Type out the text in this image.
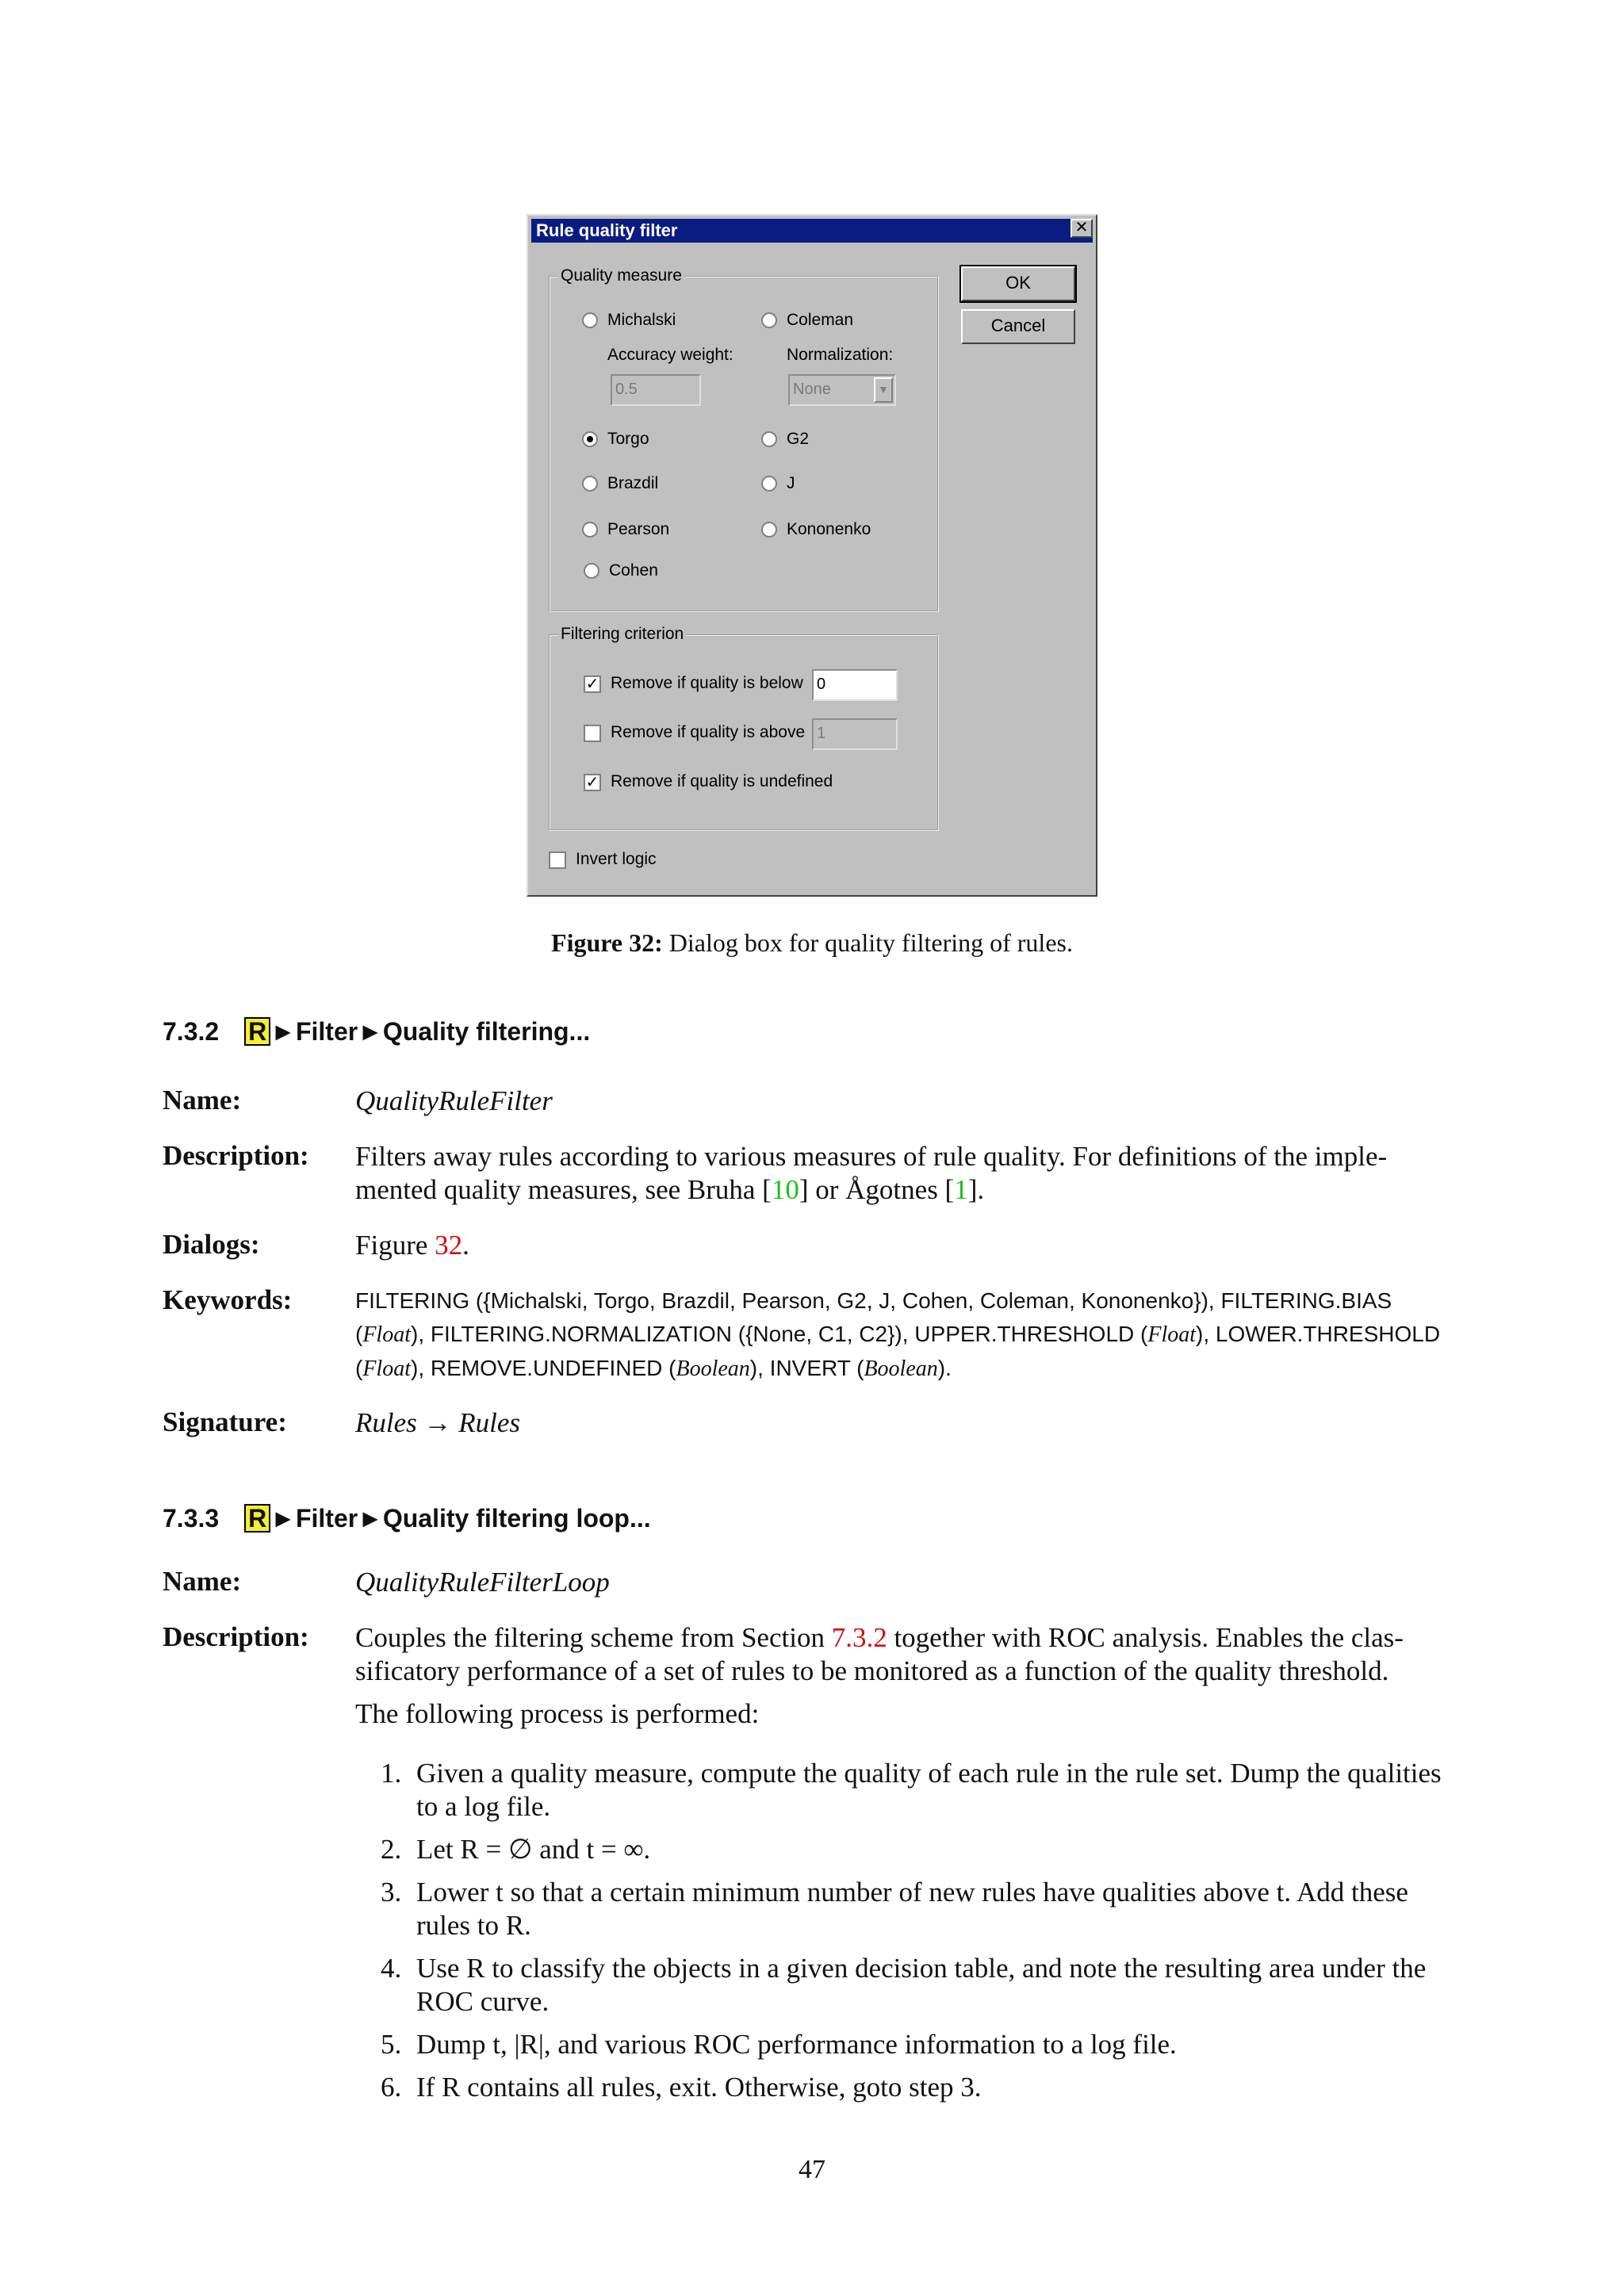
Rule quality filter	✕
OK
Cancel
Quality measure
Michalski	Coleman
Accuracy weight:	Normalization:
0.5	None	▼
Torgo	G2
Brazdil	J
Pearson	Kononenko
Cohen
Filtering criterion
✓ Remove if quality is below 0
Remove if quality is above 1
✓ Remove if quality is undefined
Invert logic
Figure 32: Dialog box for quality filtering of rules.
7.3.2 R ►Filter►Quality filtering...
Name:	QualityRuleFilter
Description: Filters away rules according to various measures of rule quality. For definitions of the imple-mented quality measures, see Bruha [10] or Ågotnes [1].
Dialogs:	Figure 32.
Keywords:	FILTERING ({Michalski, Torgo, Brazdil, Pearson, G2, J, Cohen, Coleman, Kononenko}), FILTERING.BIAS (Float), FILTERING.NORMALIZATION ({None, C1, C2}), UPPER.THRESHOLD (Float), LOWER.THRESHOLD (Float), REMOVE.UNDEFINED (Boolean), INVERT (Boolean).
Signature: Rules → Rules
7.3.3 R ►Filter►Quality filtering loop...
Name:	QualityRuleFilterLoop
Description: Couples the filtering scheme from Section 7.3.2 together with ROC analysis. Enables the clas-sificatory performance of a set of rules to be monitored as a function of the quality threshold.
The following process is performed:
1. Given a quality measure, compute the quality of each rule in the rule set. Dump the qualities to a log file.
2. Let R = ∅ and t = ∞.
3. Lower t so that a certain minimum number of new rules have qualities above t. Add these rules to R.
4. Use R to classify the objects in a given decision table, and note the resulting area under the ROC curve.
5. Dump t, |R|, and various ROC performance information to a log file.
6. If R contains all rules, exit. Otherwise, goto step 3.
47
